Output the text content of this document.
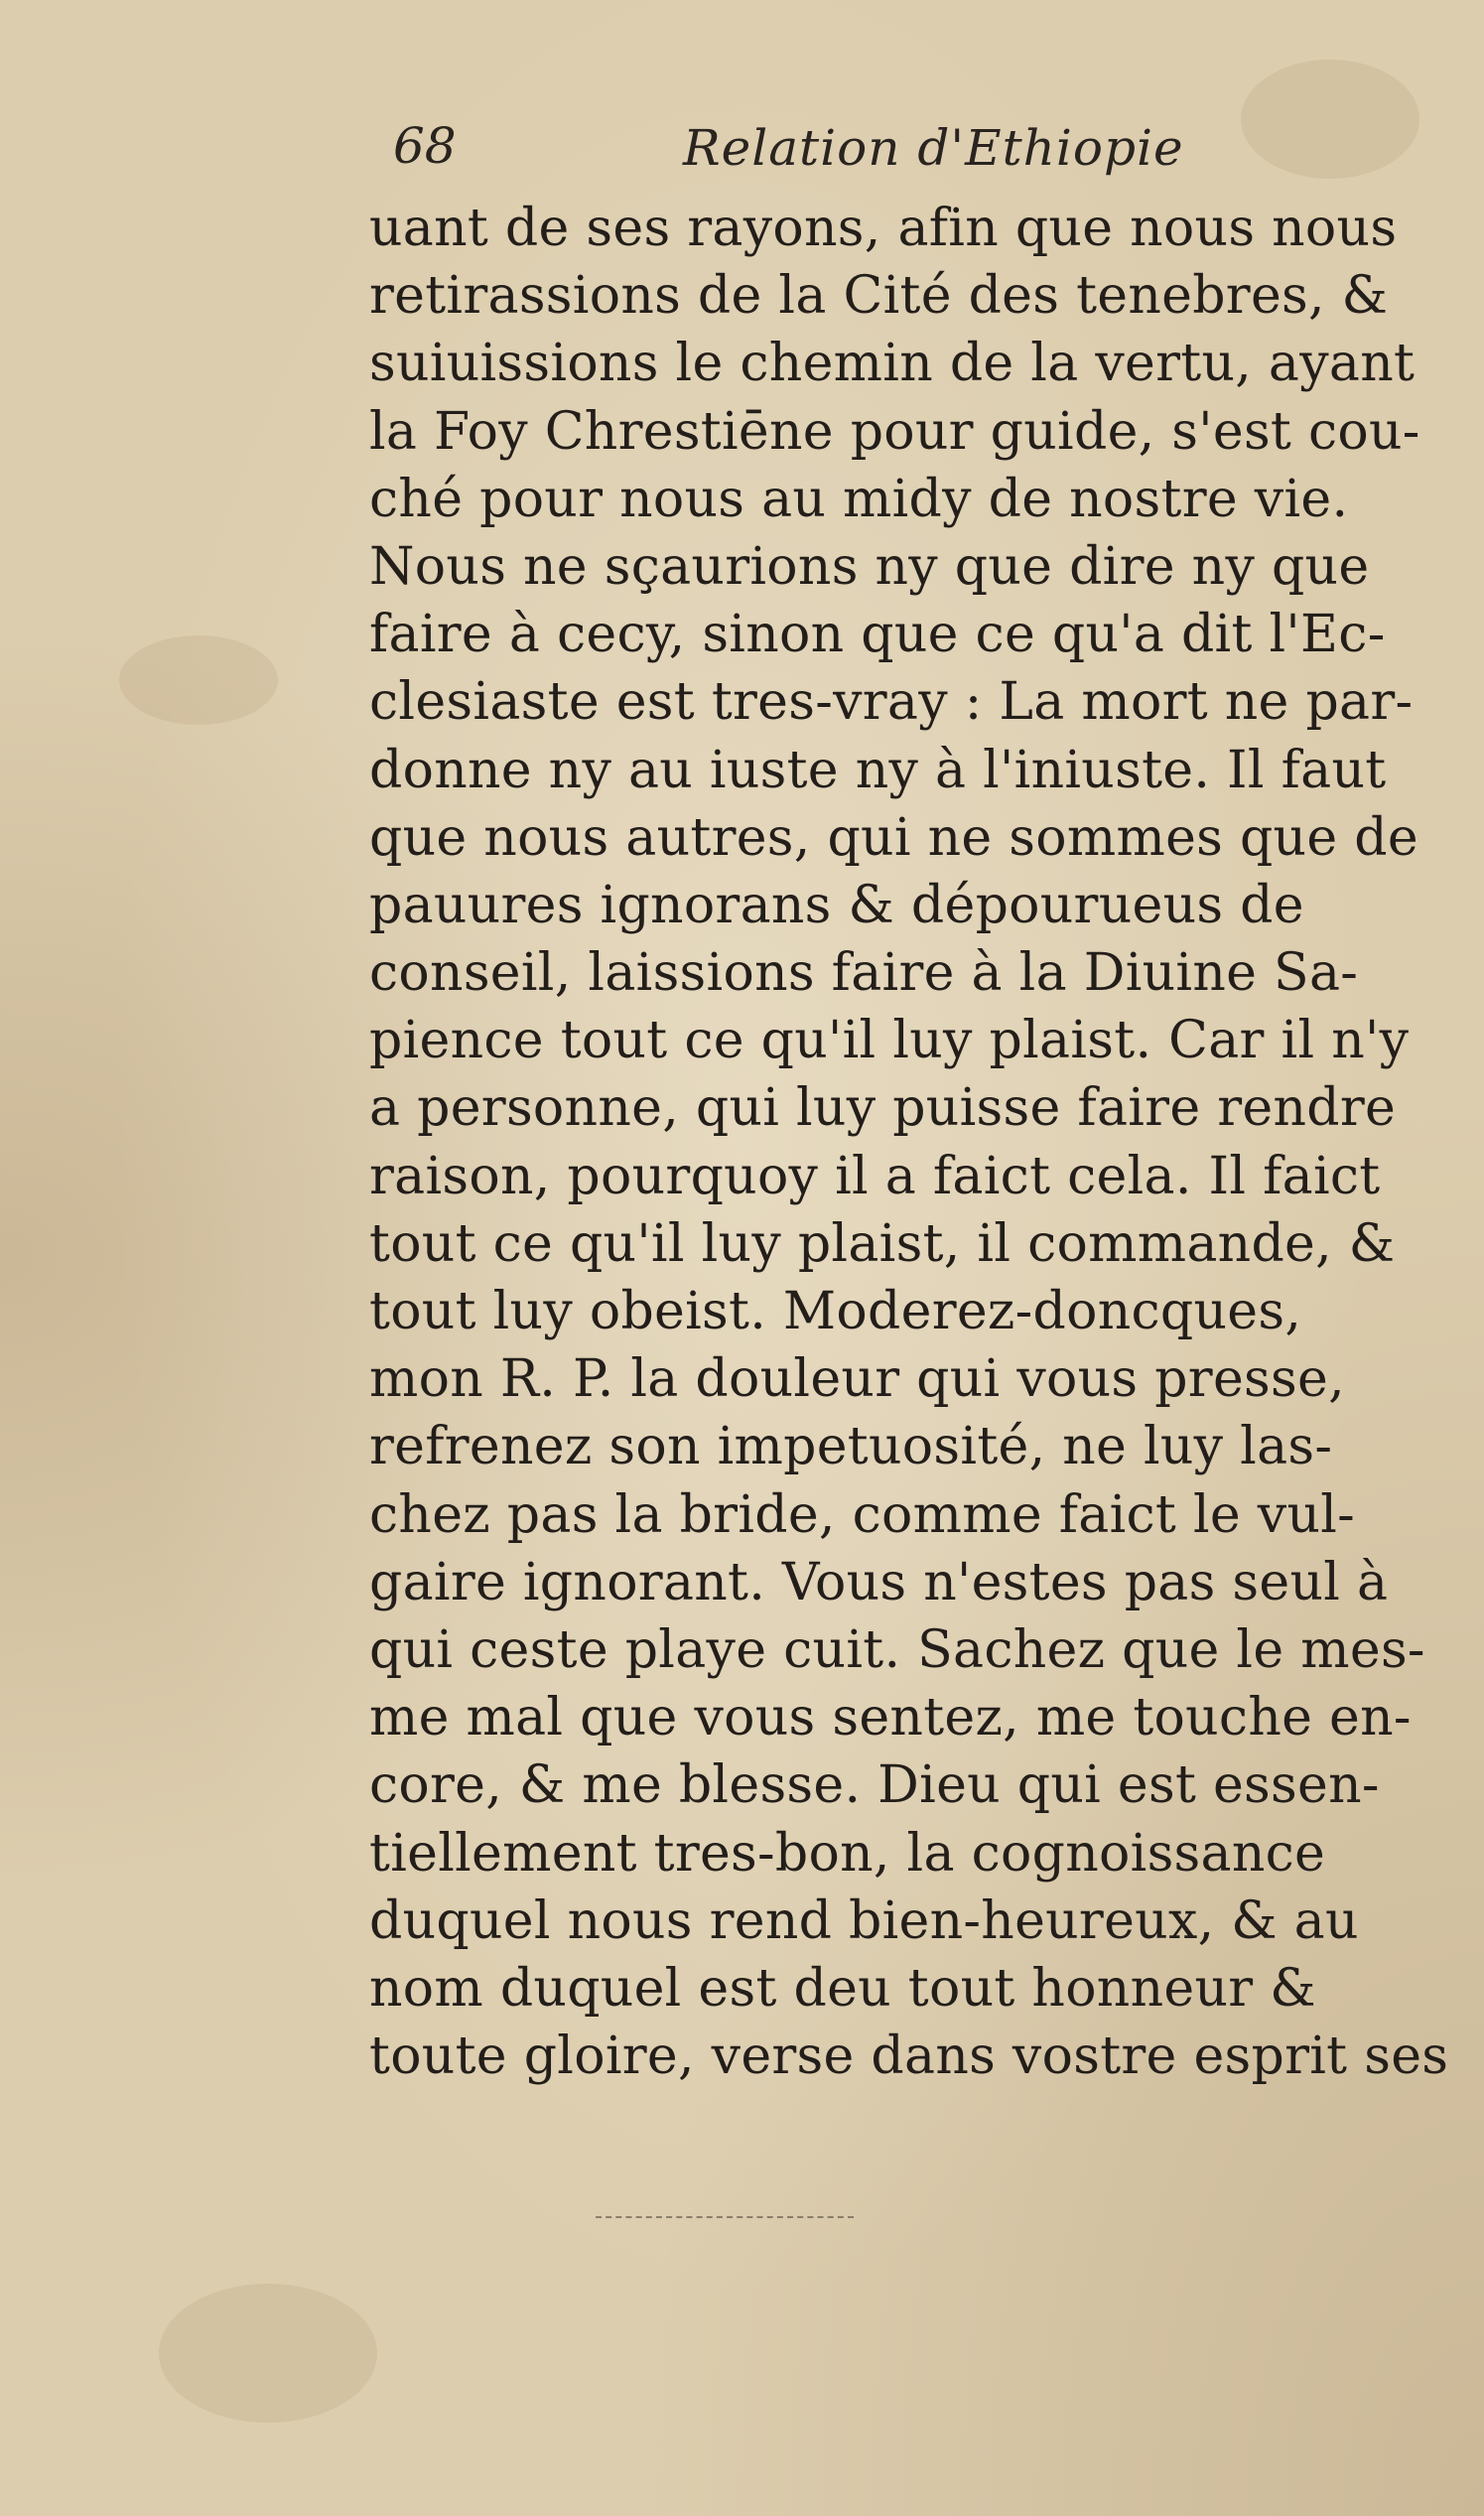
68	Relation d'Ethiopie
uant de ses rayons, afin que nous nous
retirassions de la Cité des tenebres, &
suiuissions le chemin de la vertu, ayant
la Foy Chrestiēne pour guide, s'est cou-
ché pour nous au midy de nostre vie.
Nous ne sçaurions ny que dire ny que
faire à cecy, sinon que ce qu'a dit l'Ec-
clesiaste est tres-vray : La mort ne par-
donne ny au iuste ny à l'iniuste. Il faut
que nous autres, qui ne sommes que de
pauures ignorans & dépourueus de
conseil, laissions faire à la Diuine Sa-
pience tout ce qu'il luy plaist. Car il n'y
a personne, qui luy puisse faire rendre
raison, pourquoy il a faict cela. Il faict
tout ce qu'il luy plaist, il commande, &
tout luy obeist. Moderez-doncques,
mon R. P. la douleur qui vous presse,
refrenez son impetuosité, ne luy las-
chez pas la bride, comme faict le vul-
gaire ignorant. Vous n'estes pas seul à
qui ceste playe cuit. Sachez que le mes-
me mal que vous sentez, me touche en-
core, & me blesse. Dieu qui est essen-
tiellement tres-bon, la cognoissance
duquel nous rend bien-heureux, & au
nom duquel est deu tout honneur &
toute gloire, verse dans vostre esprit ses
